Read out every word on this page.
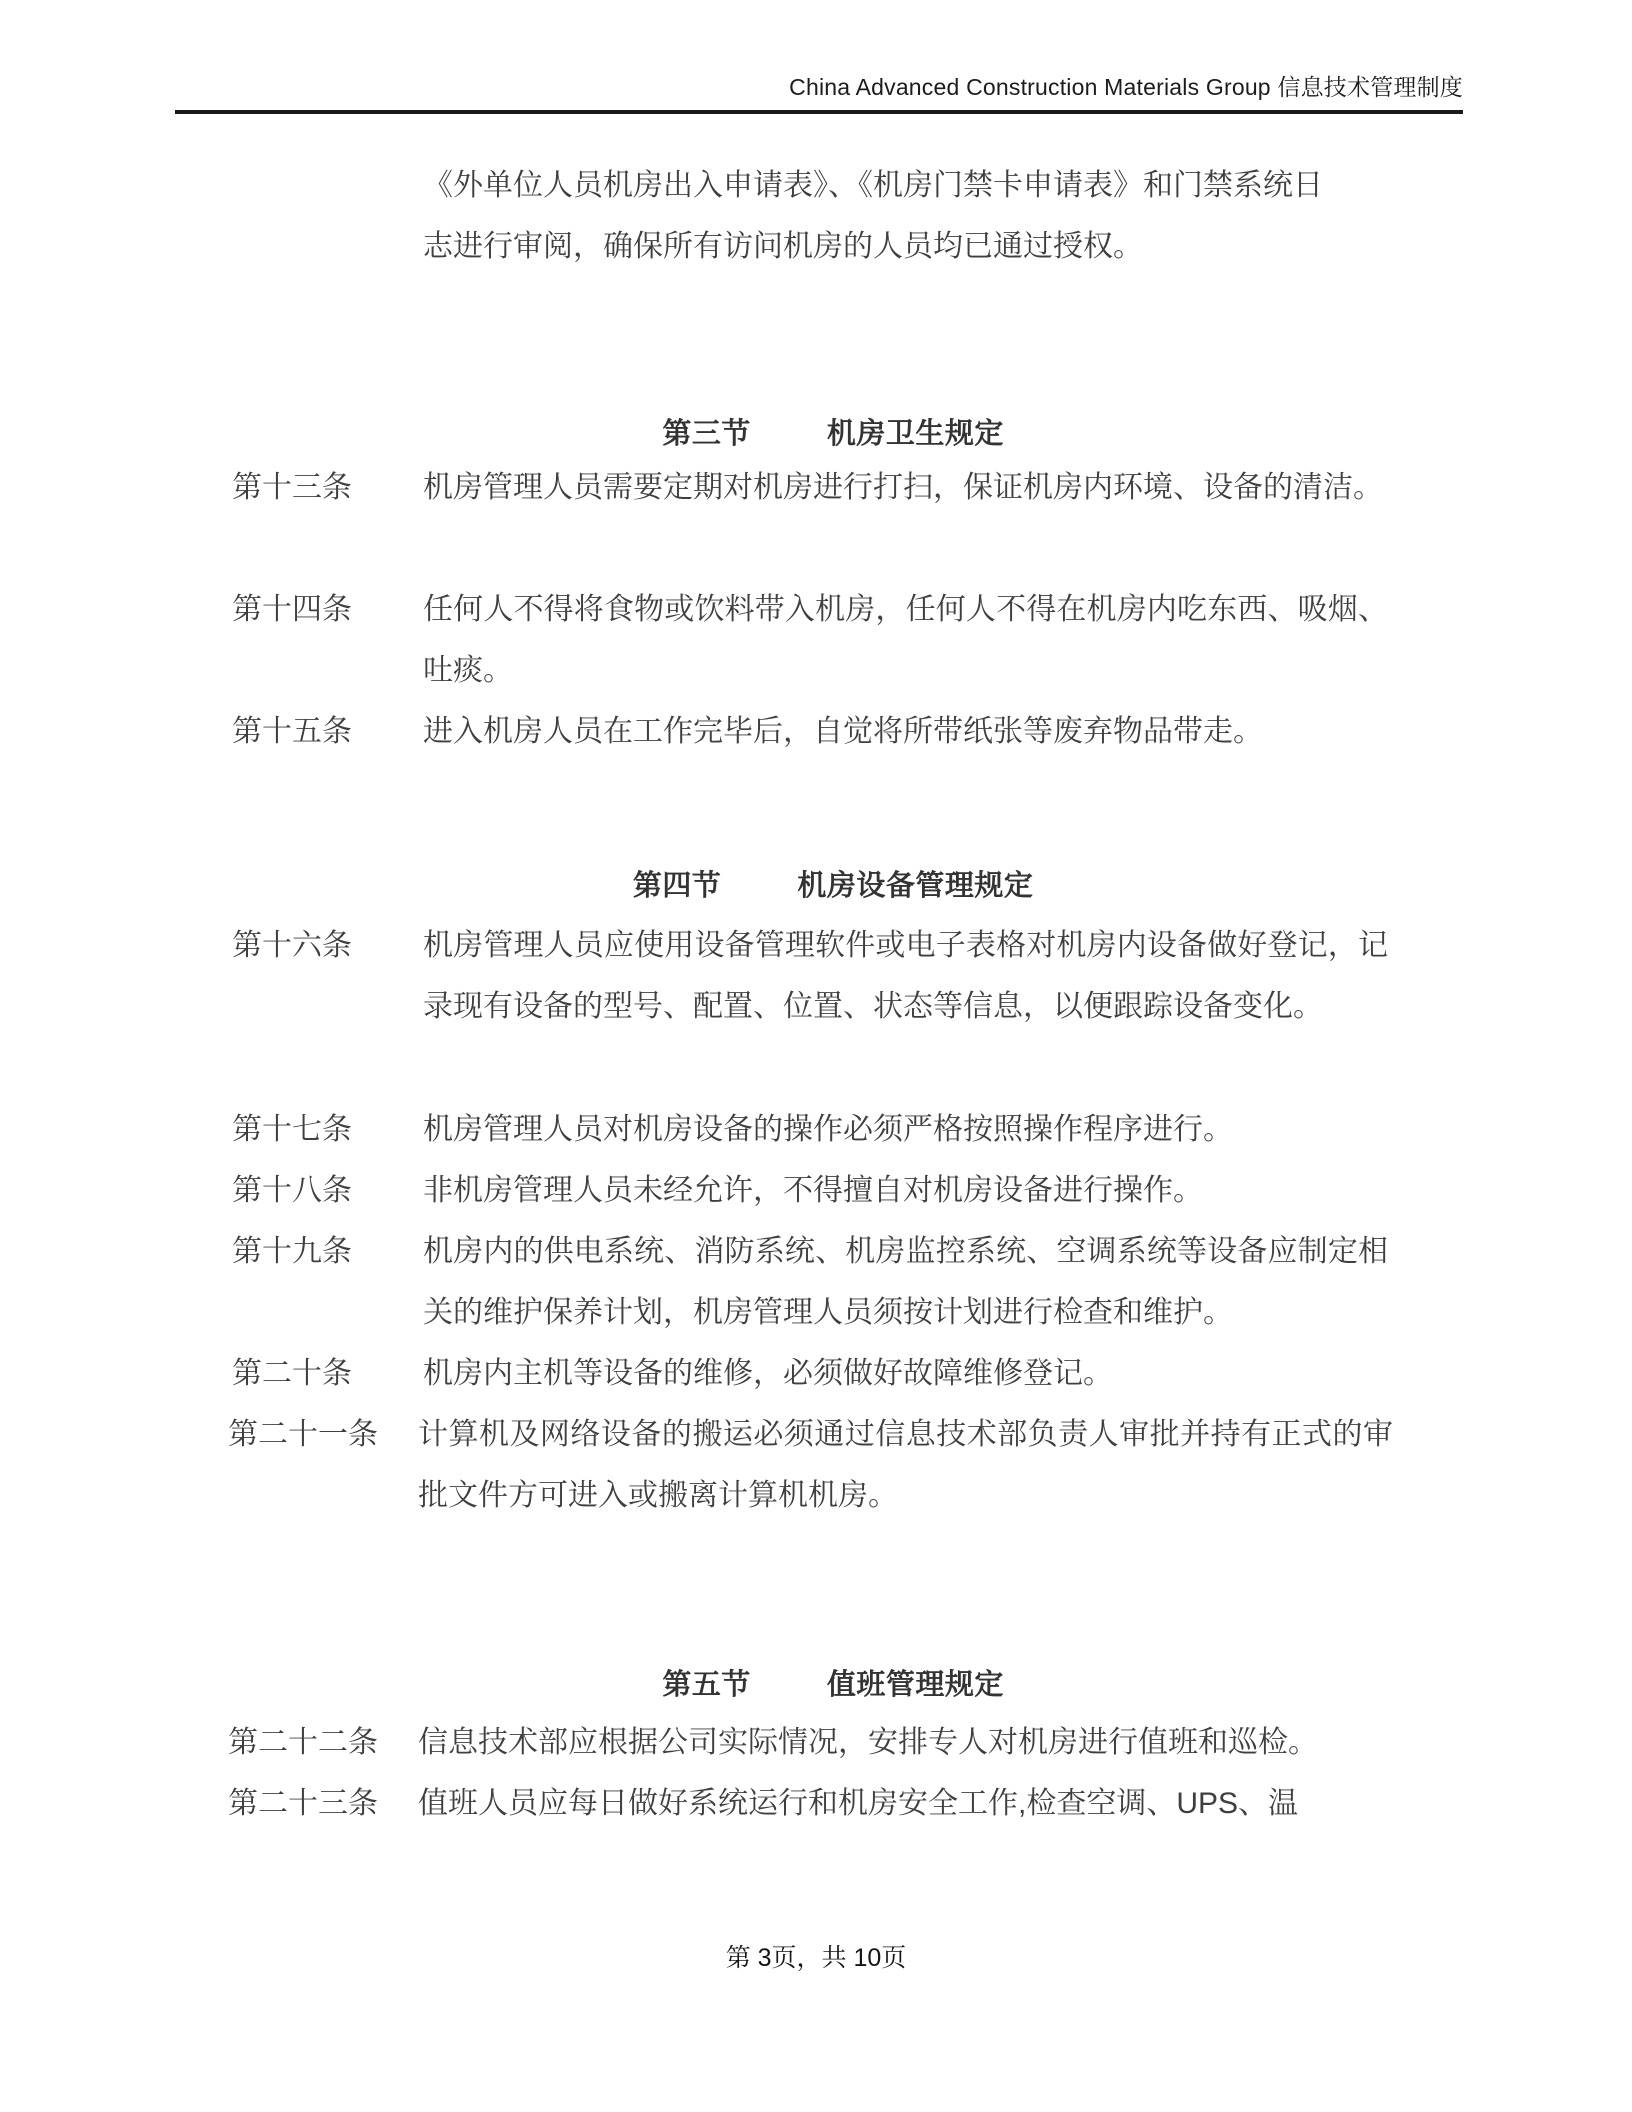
China Advanced Construction Materials Group 信息技术管理制度
《外单位人员机房出入申请表》、《机房门禁卡申请表》和门禁系统日
志进行审阅，确保所有访问机房的人员均已通过授权。

第三节	机房卫生规定

第十三条	机房管理人员需要定期对机房进行打扫，保证机房内环境、设备的清洁。
第十四条	任何人不得将食物或饮料带入机房，任何人不得在机房内吃东西、吸烟、吐痰。
第十五条	进入机房人员在工作完毕后，自觉将所带纸张等废弃物品带走。

第四节	机房设备管理规定

第十六条	机房管理人员应使用设备管理软件或电子表格对机房内设备做好登记，记录现有设备的型号、配置、位置、状态等信息，以便跟踪设备变化。
第十七条	机房管理人员对机房设备的操作必须严格按照操作程序进行。
第十八条	非机房管理人员未经允许，不得擅自对机房设备进行操作。
第十九条	机房内的供电系统、消防系统、机房监控系统、空调系统等设备应制定相关的维护保养计划，机房管理人员须按计划进行检查和维护。
第二十条	机房内主机等设备的维修，必须做好故障维修登记。
第二十一条	计算机及网络设备的搬运必须通过信息技术部负责人审批并持有正式的审批文件方可进入或搬离计算机机房。

第五节	值班管理规定

第二十二条	信息技术部应根据公司实际情况，安排专人对机房进行值班和巡检。
第二十三条	值班人员应每日做好系统运行和机房安全工作,检查空调、UPS、温
第 3页，共 10页
